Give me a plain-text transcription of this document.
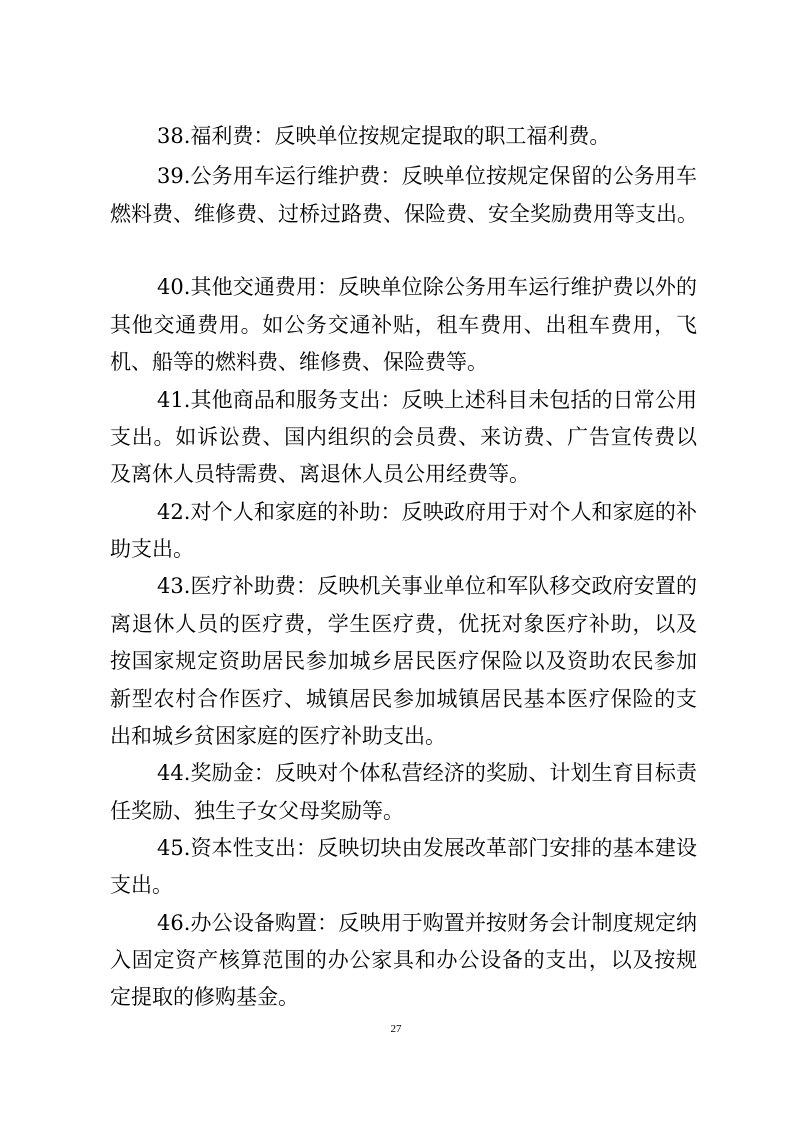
38.福利费：反映单位按规定提取的职工福利费。

39.公务用车运行维护费：反映单位按规定保留的公务用车

燃料费、维修费、过桥过路费、保险费、安全奖励费用等支出。

40.其他交通费用：反映单位除公务用车运行维护费以外的

其他交通费用。如公务交通补贴，租车费用、出租车费用，飞

机、船等的燃料费、维修费、保险费等。

41.其他商品和服务支出：反映上述科目未包括的日常公用

支出。如诉讼费、国内组织的会员费、来访费、广告宣传费以

及离休人员特需费、离退休人员公用经费等。

42.对个人和家庭的补助：反映政府用于对个人和家庭的补

助支出。

43.医疗补助费：反映机关事业单位和军队移交政府安置的

离退休人员的医疗费，学生医疗费，优抚对象医疗补助，以及

按国家规定资助居民参加城乡居民医疗保险以及资助农民参加

新型农村合作医疗、城镇居民参加城镇居民基本医疗保险的支

出和城乡贫困家庭的医疗补助支出。

44.奖励金：反映对个体私营经济的奖励、计划生育目标责

任奖励、独生子女父母奖励等。

45.资本性支出：反映切块由发展改革部门安排的基本建设

支出。

46.办公设备购置：反映用于购置并按财务会计制度规定纳

入固定资产核算范围的办公家具和办公设备的支出，以及按规

定提取的修购基金。

27
